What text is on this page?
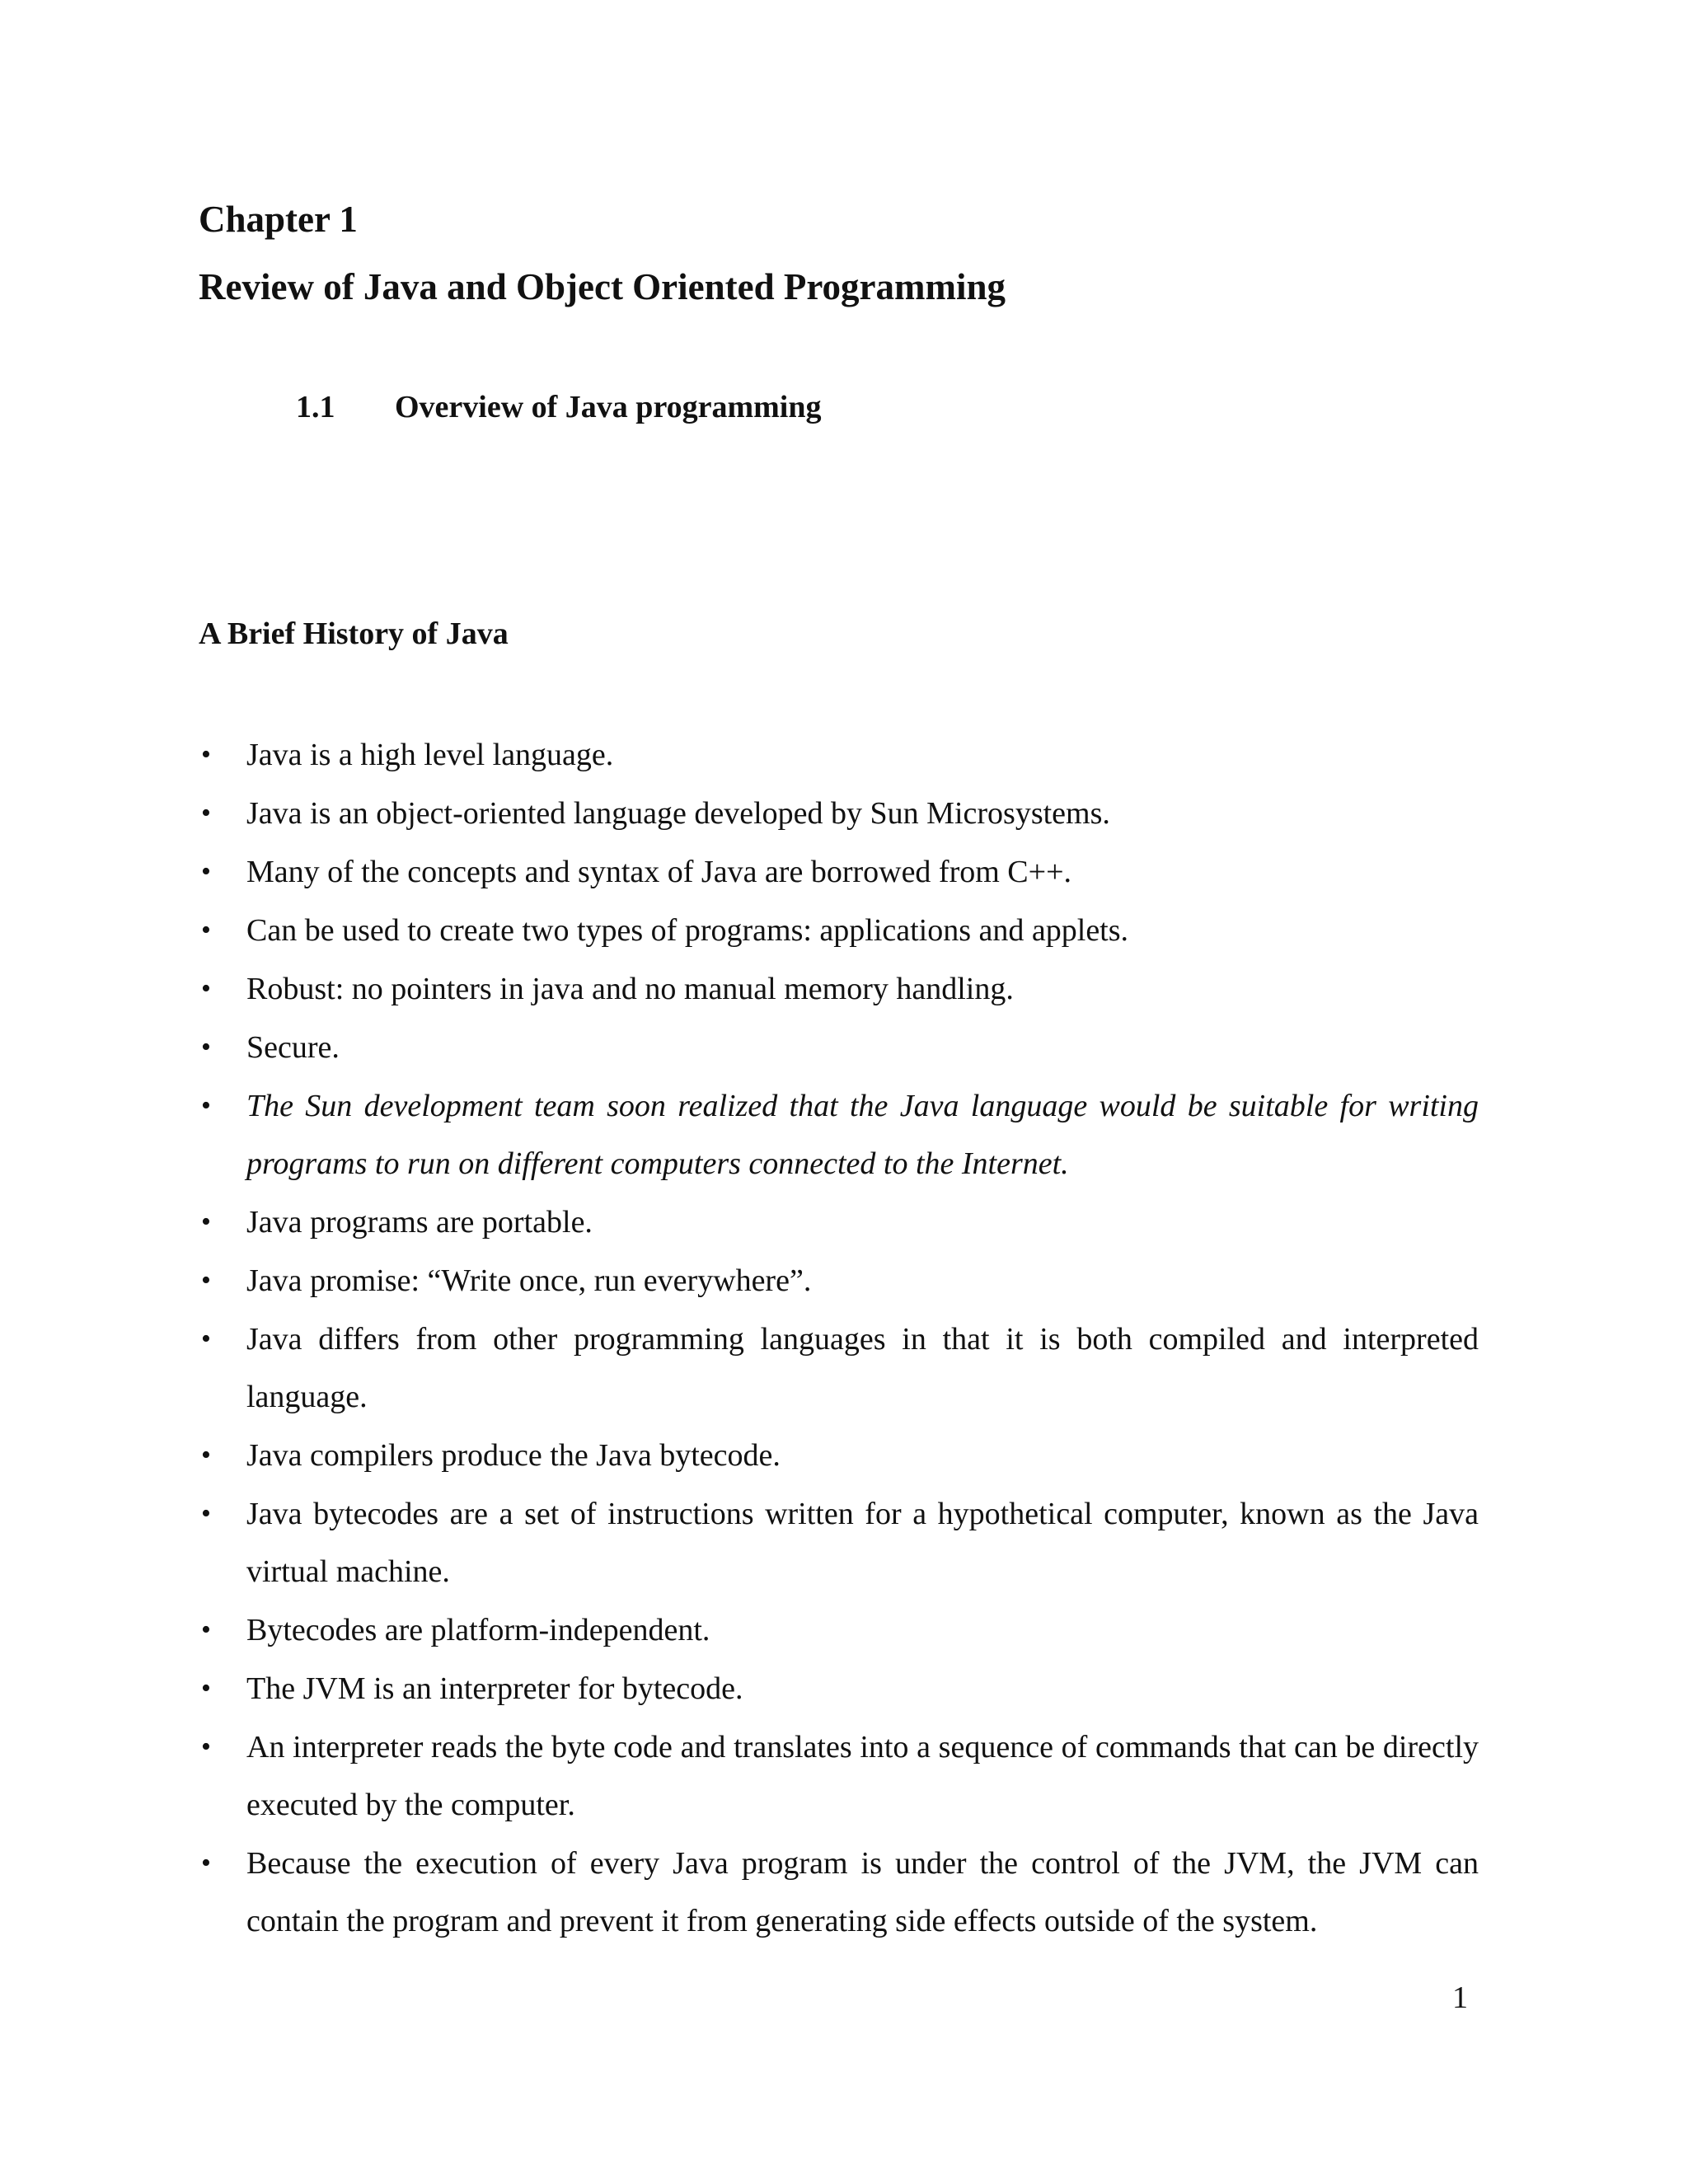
Chapter 1
Review of Java and Object Oriented Programming
1.1 Overview of Java programming
A Brief History of Java
• Java is a high level language.
• Java is an object-oriented language developed by Sun Microsystems.
• Many of the concepts and syntax of Java are borrowed from C++.
• Can be used to create two types of programs: applications and applets.
• Robust: no pointers in java and no manual memory handling.
• Secure.
• The Sun development team soon realized that the Java language would be suitable for writing programs to run on different computers connected to the Internet.
• Java programs are portable.
• Java promise: “Write once, run everywhere”.
• Java differs from other programming languages in that it is both compiled and interpreted language.
• Java compilers produce the Java bytecode.
• Java bytecodes are a set of instructions written for a hypothetical computer, known as the Java virtual machine.
• Bytecodes are platform-independent.
• The JVM is an interpreter for bytecode.
• An interpreter reads the byte code and translates into a sequence of commands that can be directly executed by the computer.
• Because the execution of every Java program is under the control of the JVM, the JVM can contain the program and prevent it from generating side effects outside of the system.
1
